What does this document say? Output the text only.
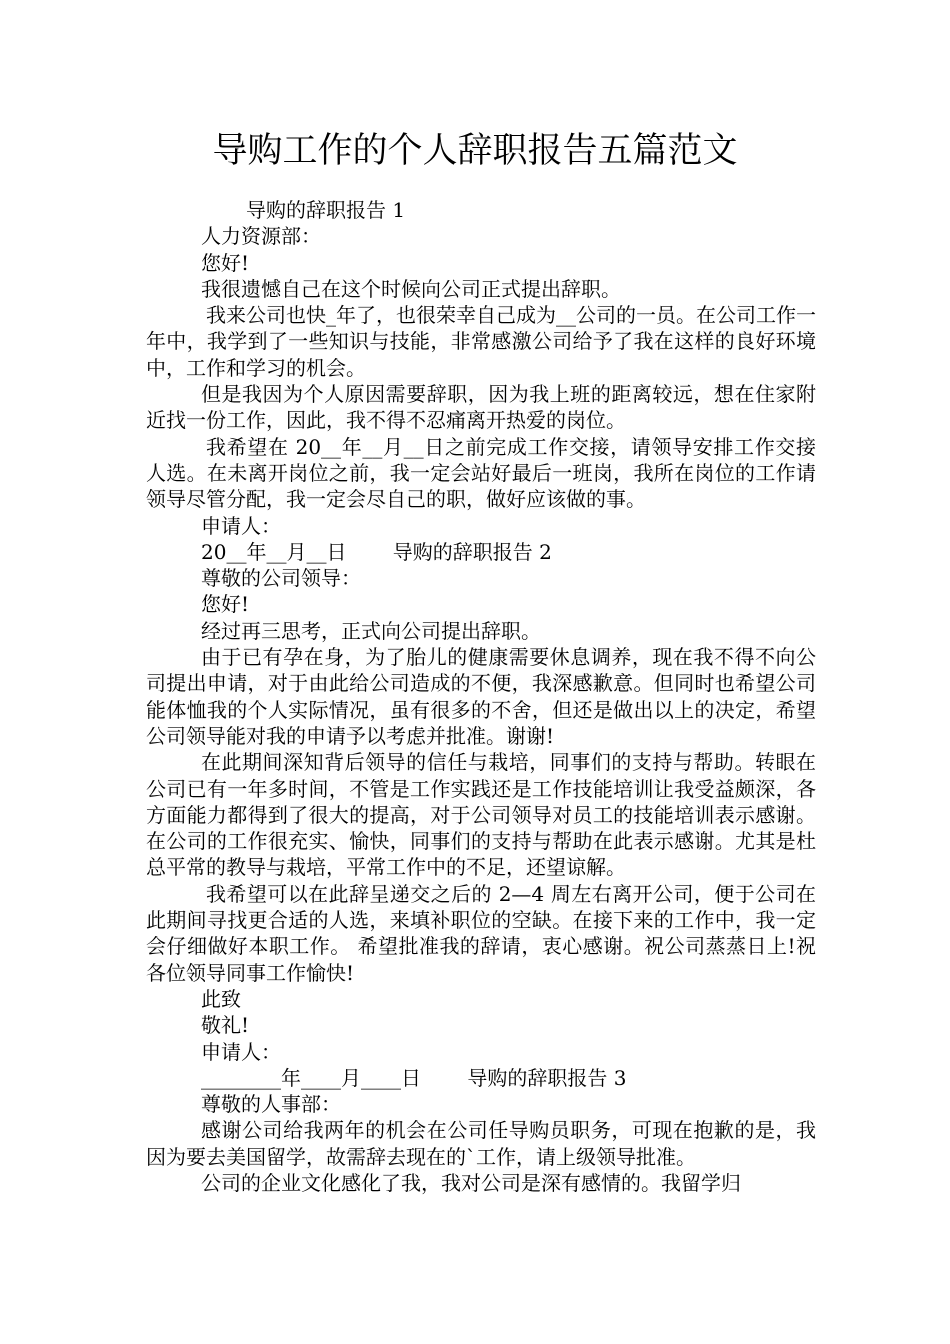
导购工作的个人辞职报告五篇范文

导购的辞职报告 1

人力资源部：

您好!

我很遗憾自己在这个时候向公司正式提出辞职。

我来公司也快_年了，也很荣幸自己成为__公司的一员。在公司工作一年中，我学到了一些知识与技能，非常感激公司给予了我在这样的良好环境中，工作和学习的机会。

但是我因为个人原因需要辞职，因为我上班的距离较远，想在住家附近找一份工作，因此，我不得不忍痛离开热爱的岗位。

我希望在 20__年__月__日之前完成工作交接，请领导安排工作交接人选。在未离开岗位之前，我一定会站好最后一班岗，我所在岗位的工作请领导尽管分配，我一定会尽自己的职，做好应该做的事。

申请人：

20__年__月__日　　 导购的辞职报告 2

尊敬的公司领导：

您好!

经过再三思考，正式向公司提出辞职。

由于已有孕在身，为了胎儿的健康需要休息调养，现在我不得不向公司提出申请，对于由此给公司造成的不便，我深感歉意。但同时也希望公司能体恤我的个人实际情况，虽有很多的不舍，但还是做出以上的决定，希望公司领导能对我的申请予以考虑并批准。谢谢!

在此期间深知背后领导的信任与栽培，同事们的支持与帮助。转眼在公司已有一年多时间，不管是工作实践还是工作技能培训让我受益颇深，各方面能力都得到了很大的提高，对于公司领导对员工的技能培训表示感谢。在公司的工作很充实、愉快，同事们的支持与帮助在此表示感谢。尤其是杜总平常的教导与栽培，平常工作中的不足，还望谅解。

我希望可以在此辞呈递交之后的 2—4 周左右离开公司，便于公司在此期间寻找更合适的人选，来填补职位的空缺。在接下来的工作中，我一定会仔细做好本职工作。 希望批准我的辞请，衷心感谢。祝公司蒸蒸日上!祝各位领导同事工作愉快!

此致

敬礼!

申请人：

________年____月____日　　 导购的辞职报告 3

尊敬的人事部：

感谢公司给我两年的机会在公司任导购员职务，可现在抱歉的是，我因为要去美国留学，故需辞去现在的`工作，请上级领导批准。

公司的企业文化感化了我，我对公司是深有感情的。我留学归
